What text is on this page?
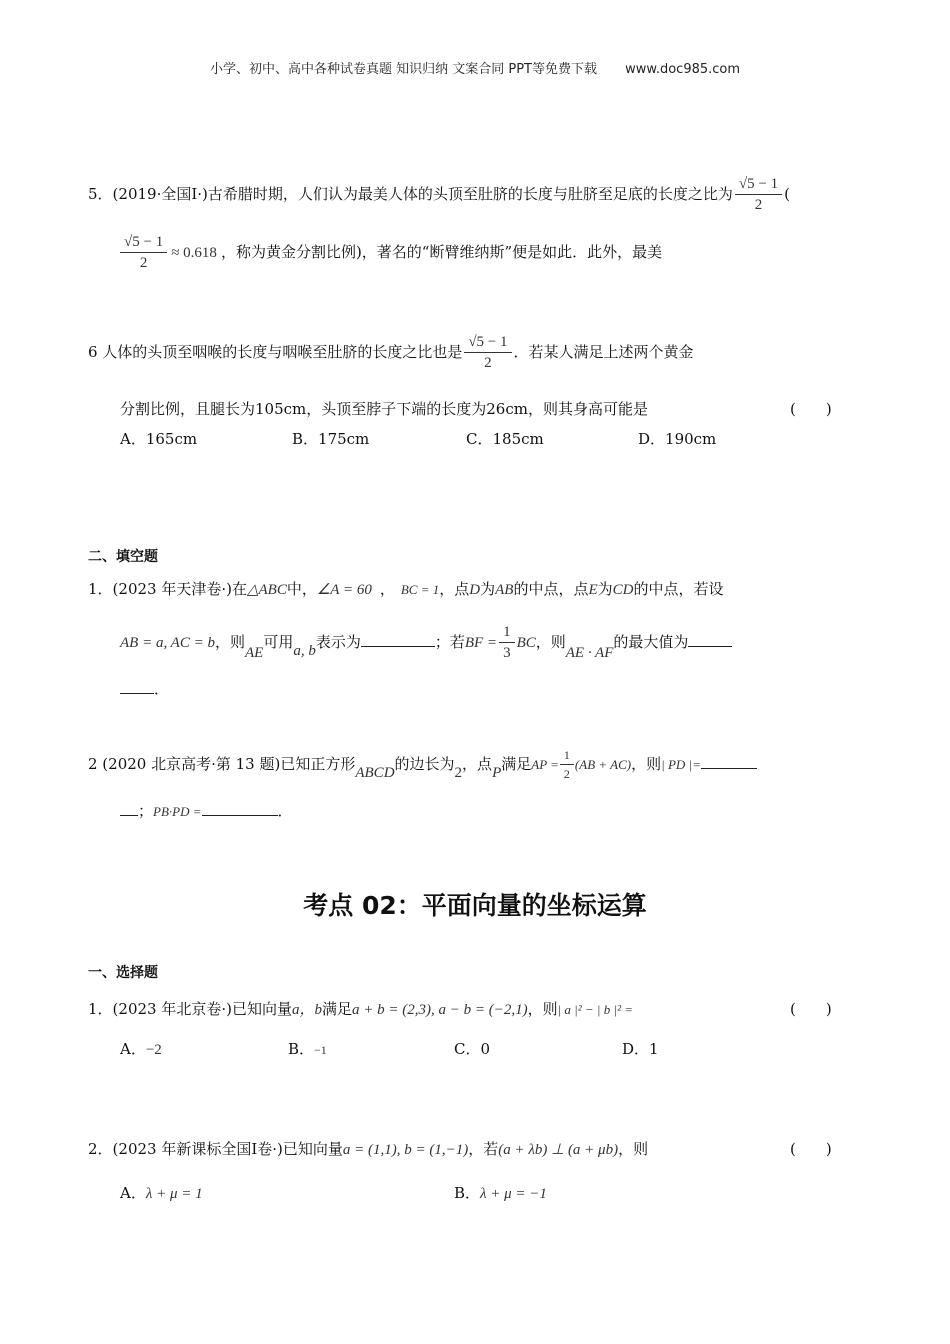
小学、初中、高中各种试卷真题 知识归纳 文案合同 PPT等免费下载 www.doc985.com
5．(2019·全国Ⅰ·)古希腊时期，人们认为最美人体的头顶至肚脐的长度与肚脐至足底的长度之比为 $\frac{√5 - 1}{2}$ (
$\frac{√5 - 1}{2} \approx 0.618$ ，称为黄金分割比例)，著名的“断臂维纳斯”便是如此．此外，最美
6 人体的头顶至咽喉的长度与咽喉至肚脐的长度之比也是 $\frac{√5 - 1}{2}$ ．若某人满足上述两个黄金
分割比例，且腿长为105cm，头顶至脖子下端的长度为26cm，则其身高可能是	(　　)
A．165cm	B．175cm	C．185cm	D．190cm
二、填空题
1．(2023 年天津卷·)在△ABC中，∠A = 60 ， BC = 1，点D为AB的中点，点E为CD的中点，若设
AB = a, AC = b，则AE可用a, b表示为	；若BF = $\frac{1}{3}$ BC，则AE · AF的最大值为
．
2 (2020 北京高考·第 13 题)已知正方形ABCD的边长为2，点P满足AP = $\frac{1}{2} (AB + AC)$，则| PD |=
；PB·PD =	．
考点 02：平面向量的坐标运算
一、选择题
1．(2023 年北京卷·)已知向量a，b满足a + b = (2,3), a − b = (−2,1)，则| a |² − | b |² =	(　　)
A．−2	B．−1	C．0	D．1
2．(2023 年新课标全国Ⅰ卷·)已知向量a = (1,1), b = (1,−1)，若(a + λb) ⊥ (a + μb)，则	(　　)
A．λ + μ = 1	B．λ + μ = −1
